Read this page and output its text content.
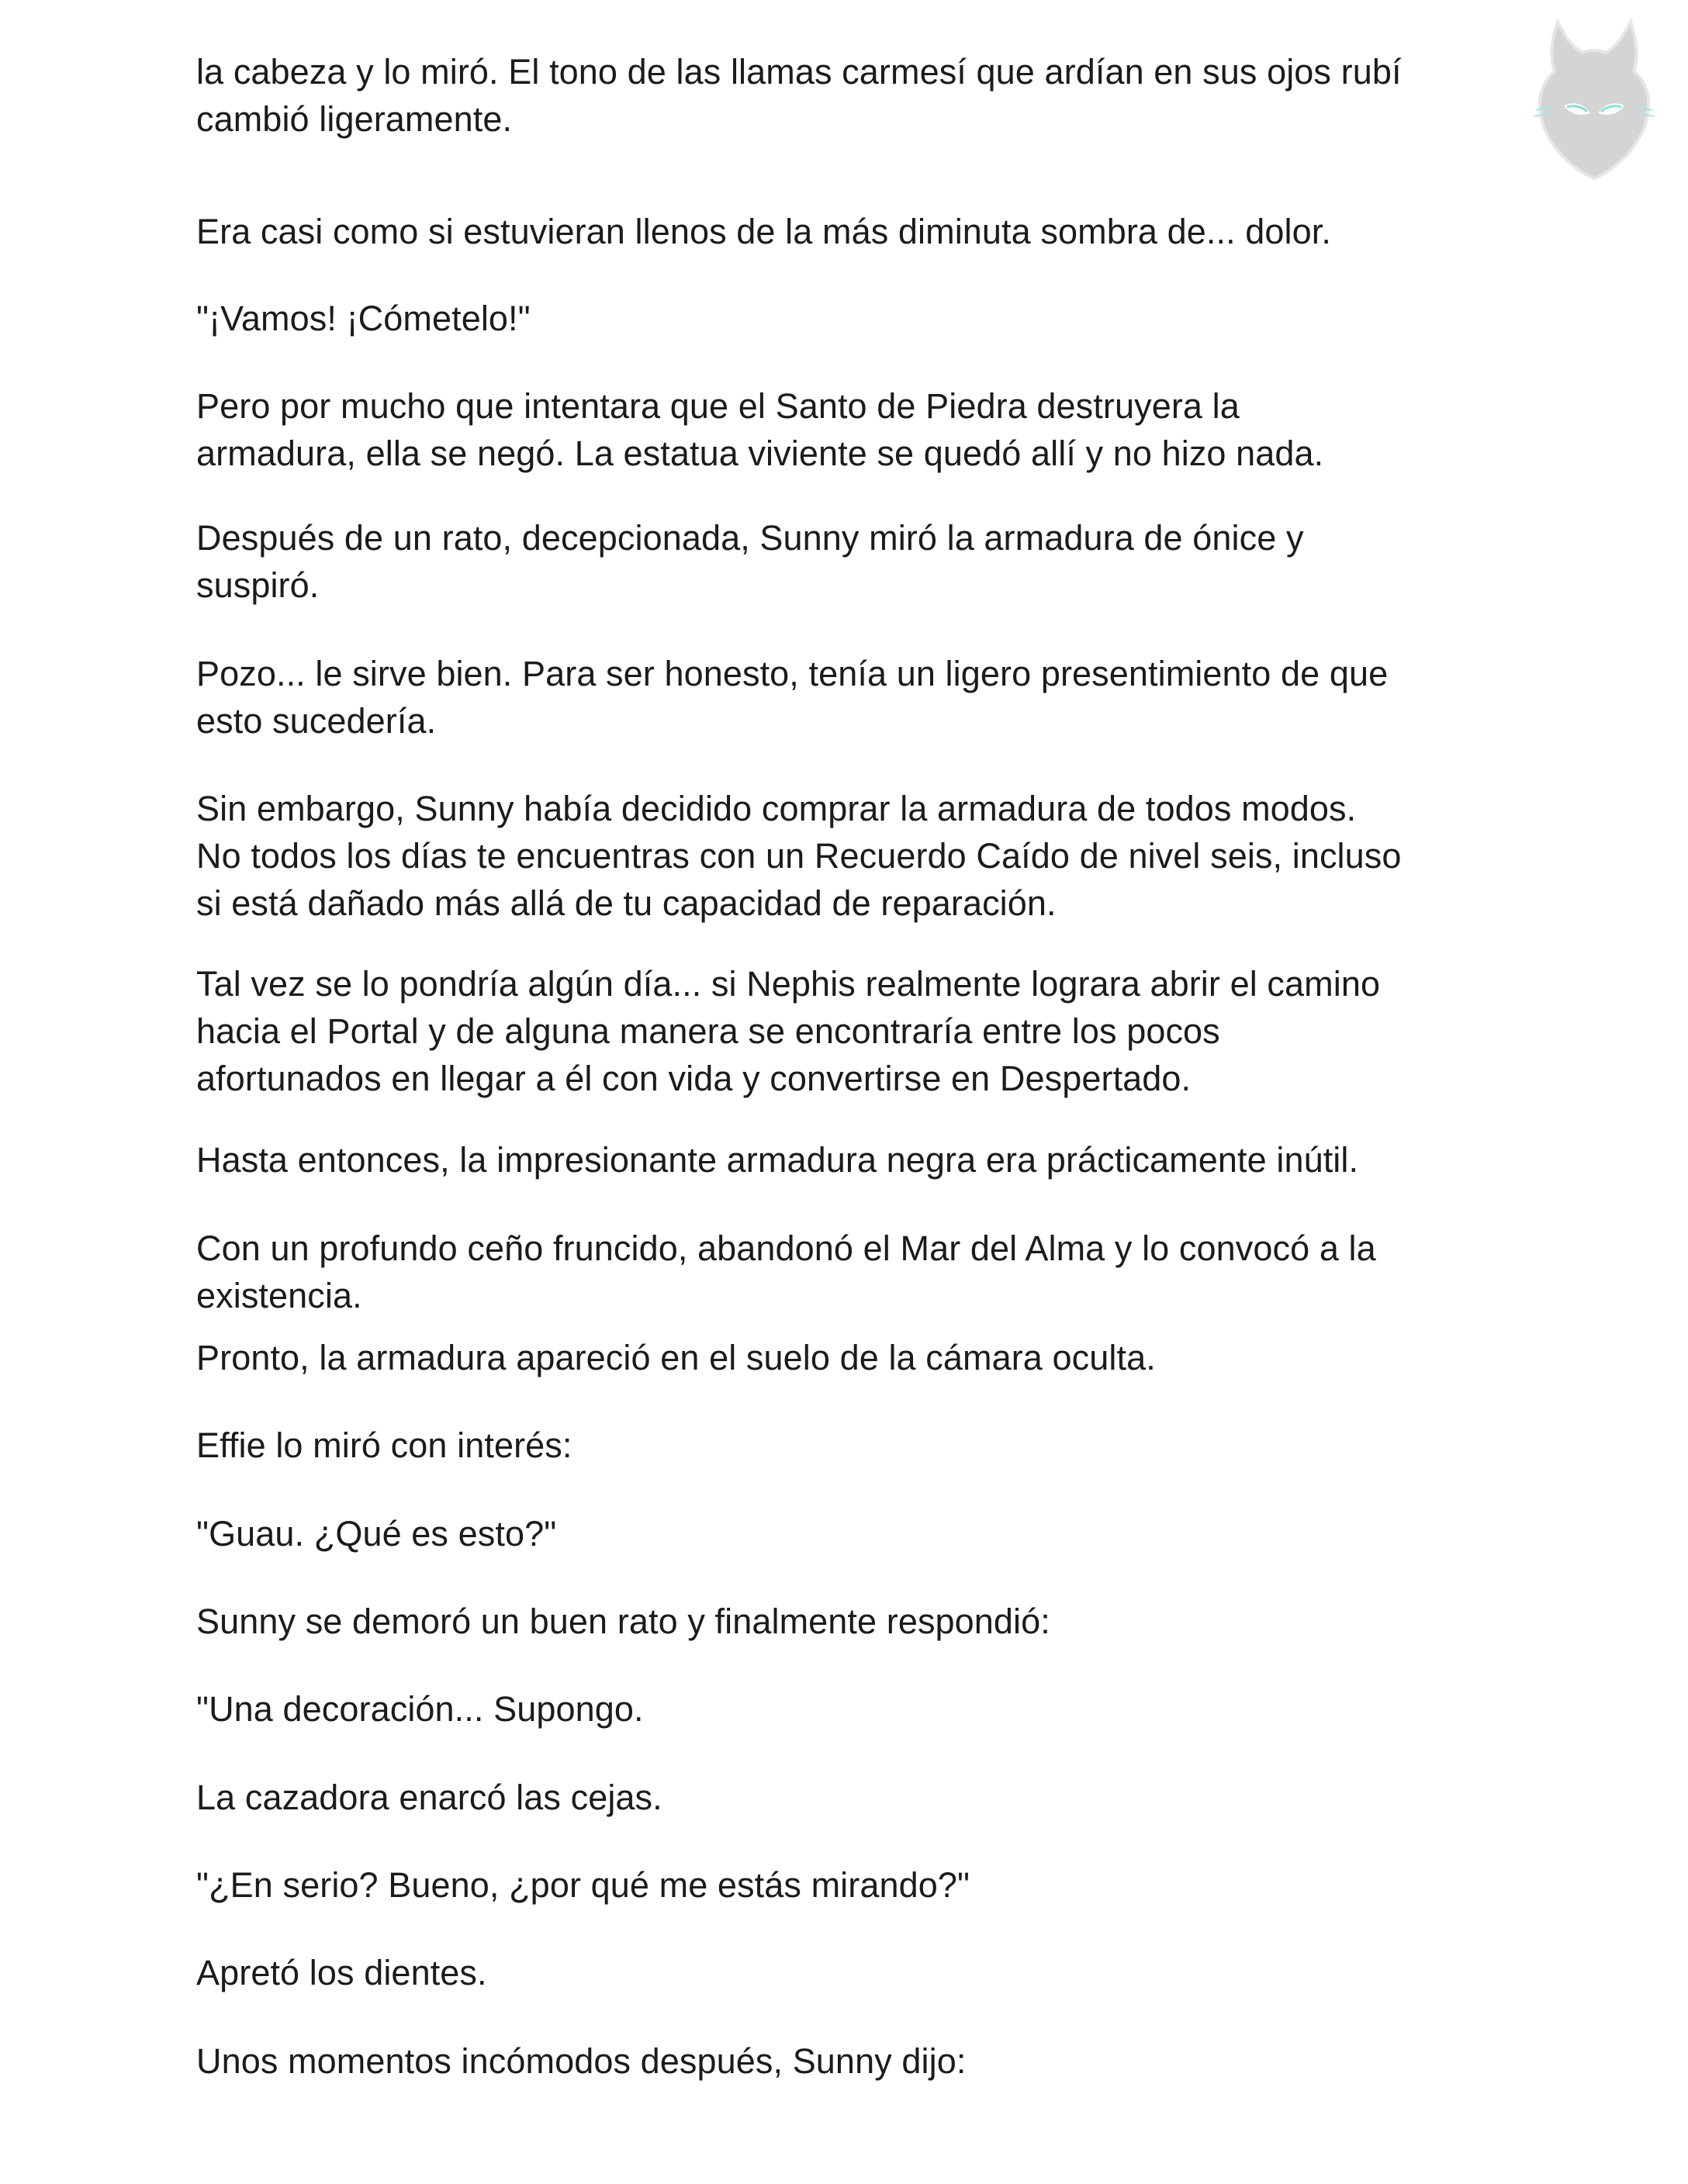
la cabeza y lo miró. El tono de las llamas carmesí que ardían en sus ojos rubí
cambió ligeramente.
Era casi como si estuvieran llenos de la más diminuta sombra de... dolor.
"¡Vamos! ¡Cómetelo!"
Pero por mucho que intentara que el Santo de Piedra destruyera la
armadura, ella se negó. La estatua viviente se quedó allí y no hizo nada.
Después de un rato, decepcionada, Sunny miró la armadura de ónice y
suspiró.
Pozo... le sirve bien. Para ser honesto, tenía un ligero presentimiento de que
esto sucedería.
Sin embargo, Sunny había decidido comprar la armadura de todos modos.
No todos los días te encuentras con un Recuerdo Caído de nivel seis, incluso
si está dañado más allá de tu capacidad de reparación.
Tal vez se lo pondría algún día... si Nephis realmente lograra abrir el camino
hacia el Portal y de alguna manera se encontraría entre los pocos
afortunados en llegar a él con vida y convertirse en Despertado.
Hasta entonces, la impresionante armadura negra era prácticamente inútil.
Con un profundo ceño fruncido, abandonó el Mar del Alma y lo convocó a la
existencia.
Pronto, la armadura apareció en el suelo de la cámara oculta.
Effie lo miró con interés:
"Guau. ¿Qué es esto?"
Sunny se demoró un buen rato y finalmente respondió:
"Una decoración... Supongo.
La cazadora enarcó las cejas.
"¿En serio? Bueno, ¿por qué me estás mirando?"
Apretó los dientes.
Unos momentos incómodos después, Sunny dijo:
